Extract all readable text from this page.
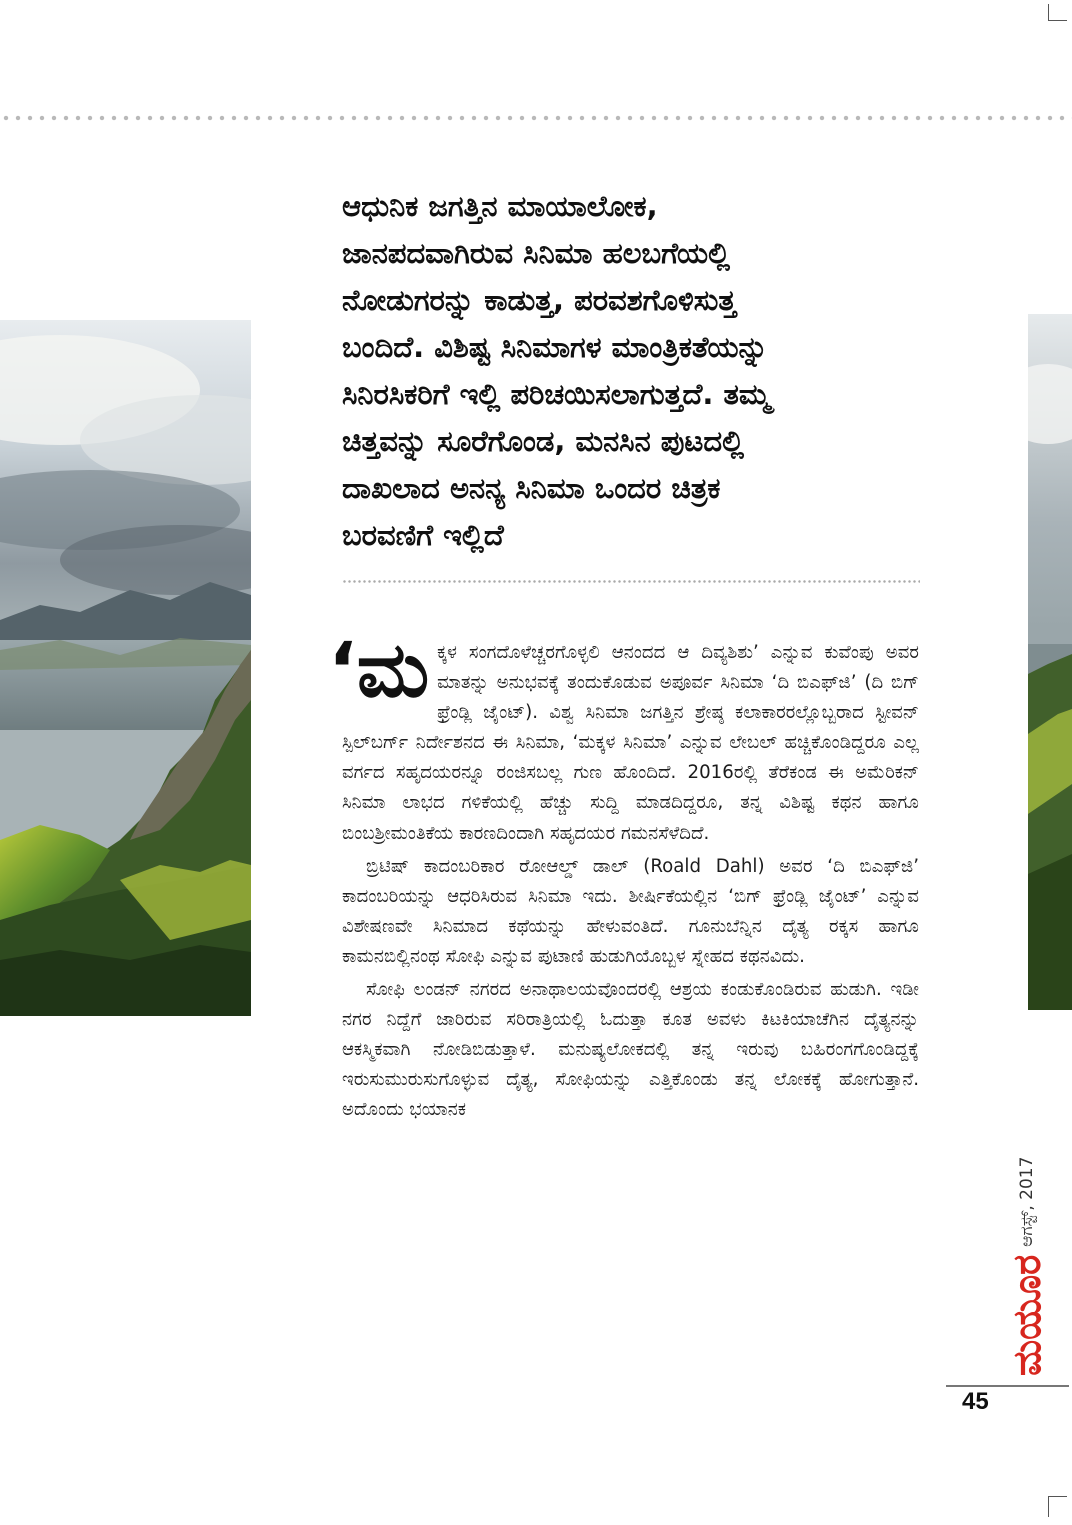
ಆಧುನಿಕ ಜಗತ್ತಿನ ಮಾಯಾಲೋಕ,
ಜಾನಪದವಾಗಿರುವ ಸಿನಿಮಾ ಹಲಬಗೆಯಲ್ಲಿ
ನೋಡುಗರನ್ನು ಕಾಡುತ್ತ, ಪರವಶಗೊಳಿಸುತ್ತ
ಬಂದಿದೆ. ವಿಶಿಷ್ಟ ಸಿನಿಮಾಗಳ ಮಾಂತ್ರಿಕತೆಯನ್ನು
ಸಿನಿರಸಿಕರಿಗೆ ಇಲ್ಲಿ ಪರಿಚಯಿಸಲಾಗುತ್ತದೆ. ತಮ್ಮ
ಚಿತ್ತವನ್ನು ಸೂರೆಗೊಂಡ, ಮನಸಿನ ಪುಟದಲ್ಲಿ
ದಾಖಲಾದ ಅನನ್ಯ ಸಿನಿಮಾ ಒಂದರ ಚಿತ್ರಕ
ಬರವಣಿಗೆ ಇಲ್ಲಿದೆ

‘ಮಕ್ಕಳ ಸಂಗದೊಳೆಚ್ಚರಗೊಳ್ಳಲಿ ಆನಂದದ ಆ ದಿವ್ಯಶಿಶು’ ಎನ್ನುವ ಕುವೆಂಪು ಅವರ ಮಾತನ್ನು ಅನುಭವಕ್ಕೆ ತಂದುಕೊಡುವ ಅಪೂರ್ವ ಸಿನಿಮಾ ‘ದಿ ಬಿಎಫ್‌ಜಿ’ (ದಿ ಬಿಗ್ ಫ್ರೆಂಡ್ಲಿ ಜೈಂಟ್). ವಿಶ್ವ ಸಿನಿಮಾ ಜಗತ್ತಿನ ಶ್ರೇಷ್ಠ ಕಲಾಕಾರರಲ್ಲೊಬ್ಬರಾದ ಸ್ಟೀವನ್ ಸ್ಪಿಲ್‌ಬರ್ಗ್ ನಿರ್ದೇಶನದ ಈ ಸಿನಿಮಾ, ‘ಮಕ್ಕಳ ಸಿನಿಮಾ’ ಎನ್ನುವ ಲೇಬಲ್ ಹಚ್ಚಿಕೊಂಡಿದ್ದರೂ ಎಲ್ಲ ವರ್ಗದ ಸಹೃದಯರನ್ನೂ ರಂಜಿಸಬಲ್ಲ ಗುಣ ಹೊಂದಿದೆ. 2016ರಲ್ಲಿ ತೆರೆಕಂಡ ಈ ಅಮೆರಿಕನ್ ಸಿನಿಮಾ ಲಾಭದ ಗಳಿಕೆಯಲ್ಲಿ ಹೆಚ್ಚು ಸುದ್ದಿ ಮಾಡದಿದ್ದರೂ, ತನ್ನ ವಿಶಿಷ್ಟ ಕಥನ ಹಾಗೂ ಬಿಂಬಶ್ರೀಮಂತಿಕೆಯ ಕಾರಣದಿಂದಾಗಿ ಸಹೃದಯರ ಗಮನಸೆಳೆದಿದೆ.

ಬ್ರಿಟಿಷ್ ಕಾದಂಬರಿಕಾರ ರೋಆಲ್ಡ್ ಡಾಲ್ (Roald Dahl) ಅವರ ‘ದಿ ಬಿಎಫ್‌ಜಿ’ ಕಾದಂಬರಿಯನ್ನು ಆಧರಿಸಿರುವ ಸಿನಿಮಾ ಇದು. ಶೀರ್ಷಿಕೆಯಲ್ಲಿನ ‘ಬಿಗ್ ಫ್ರೆಂಡ್ಲಿ ಜೈಂಟ್’ ಎನ್ನುವ ವಿಶೇಷಣವೇ ಸಿನಿಮಾದ ಕಥೆಯನ್ನು ಹೇಳುವಂತಿದೆ. ಗೂನುಬೆನ್ನಿನ ದೈತ್ಯ ರಕ್ಕಸ ಹಾಗೂ ಕಾಮನಬಿಲ್ಲಿನಂಥ ಸೋಫಿ ಎನ್ನುವ ಪುಟಾಣಿ ಹುಡುಗಿಯೊಬ್ಬಳ ಸ್ನೇಹದ ಕಥನವಿದು.

ಸೋಫಿ ಲಂಡನ್ ನಗರದ ಅನಾಥಾಲಯವೊಂದರಲ್ಲಿ ಆಶ್ರಯ ಕಂಡುಕೊಂಡಿರುವ ಹುಡುಗಿ. ಇಡೀ ನಗರ ನಿದ್ದೆಗೆ ಜಾರಿರುವ ಸರಿರಾತ್ರಿಯಲ್ಲಿ ಓದುತ್ತಾ ಕೂತ ಅವಳು ಕಿಟಕಿಯಾಚೆಗಿನ ದೈತ್ಯನನ್ನು ಆಕಸ್ಮಿಕವಾಗಿ ನೋಡಿಬಿಡುತ್ತಾಳೆ. ಮನುಷ್ಯಲೋಕದಲ್ಲಿ ತನ್ನ ಇರುವು ಬಹಿರಂಗಗೊಂಡಿದ್ದಕ್ಕೆ ಇರುಸುಮುರುಸುಗೊಳ್ಳುವ ದೈತ್ಯ, ಸೋಫಿಯನ್ನು ಎತ್ತಿಕೊಂಡು ತನ್ನ ಲೋಕಕ್ಕೆ ಹೋಗುತ್ತಾನೆ. ಅದೊಂದು ಭಯಾನಕ

ಮಯೂರಆಗಸ್ಟ್, 2017
45
